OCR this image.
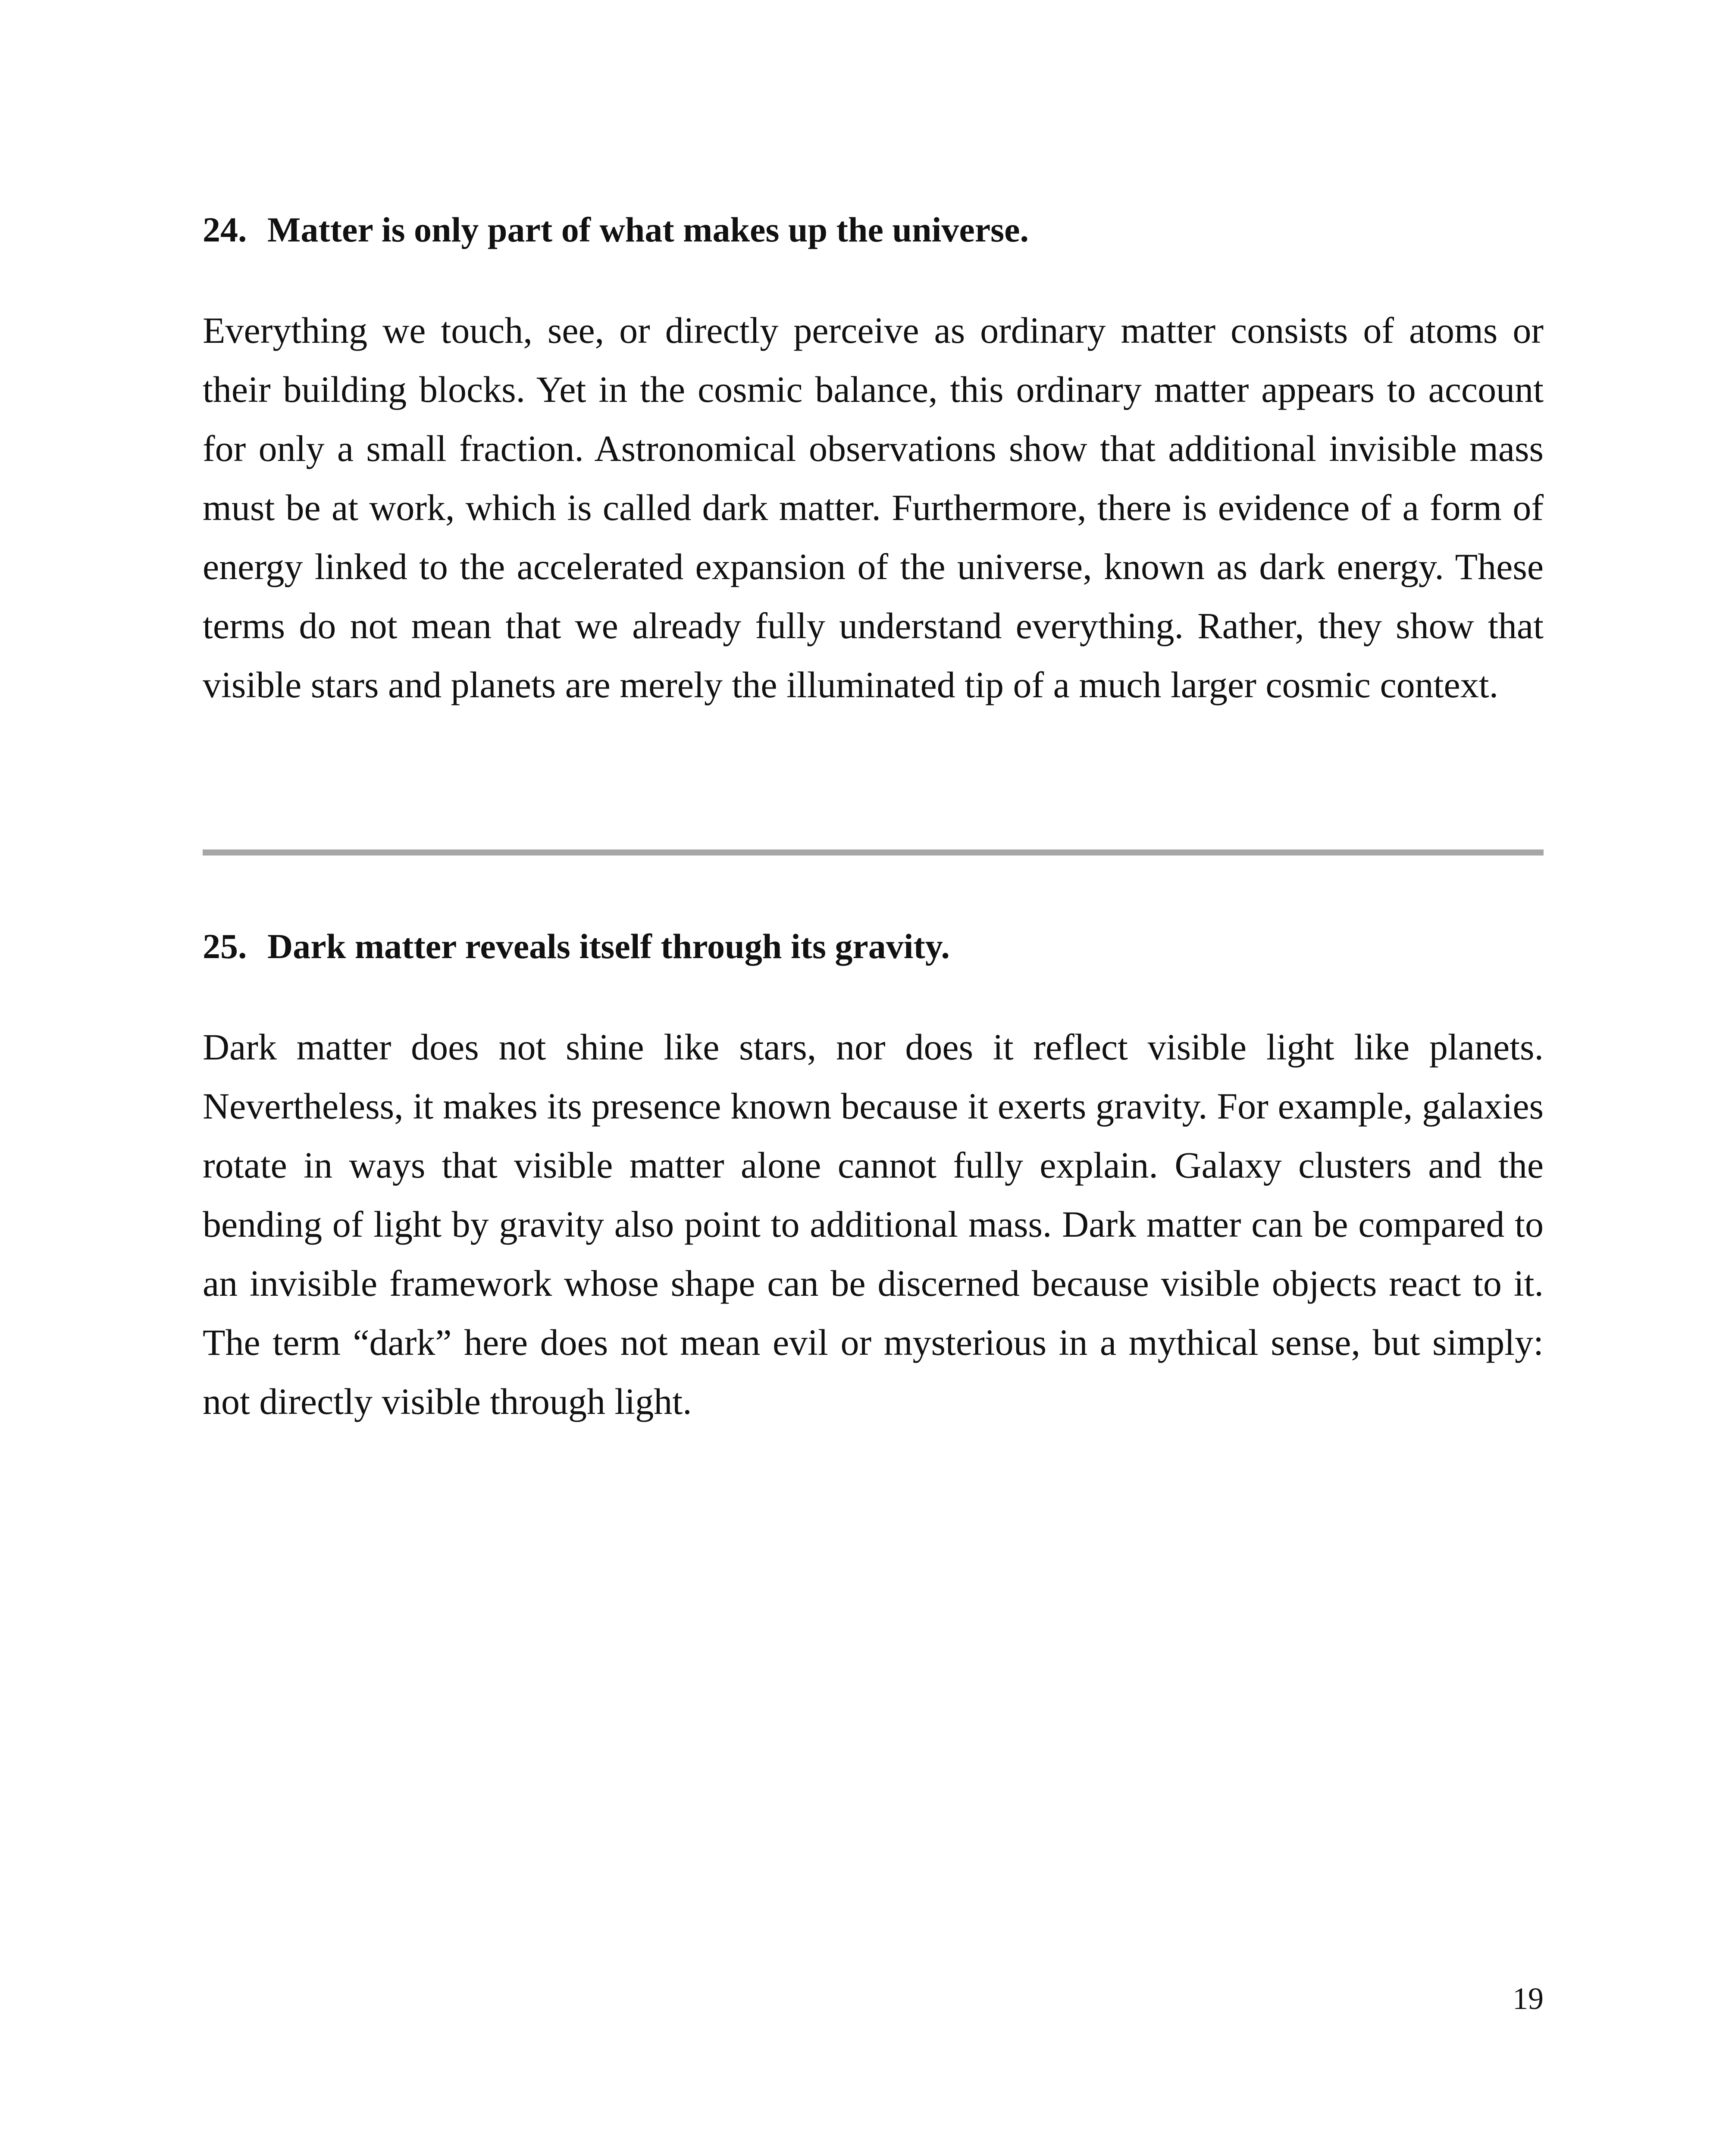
24. Matter is only part of what makes up the universe.

Everything we touch, see, or directly perceive as ordinary matter consists of atoms or their building blocks. Yet in the cosmic balance, this ordinary matter appears to account for only a small fraction. Astronomical observations show that additional invisible mass must be at work, which is called dark matter. Furthermore, there is evidence of a form of energy linked to the accelerated expansion of the universe, known as dark energy. These terms do not mean that we already fully understand everything. Rather, they show that visible stars and planets are merely the illuminated tip of a much larger cosmic context.

25. Dark matter reveals itself through its gravity.

Dark matter does not shine like stars, nor does it reflect visible light like planets. Nevertheless, it makes its presence known because it exerts gravity. For example, galaxies rotate in ways that visible matter alone cannot fully explain. Galaxy clusters and the bending of light by gravity also point to additional mass. Dark matter can be compared to an invisible framework whose shape can be discerned because visible objects react to it. The term “dark” here does not mean evil or mysterious in a mythical sense, but simply: not directly visible through light.

19
